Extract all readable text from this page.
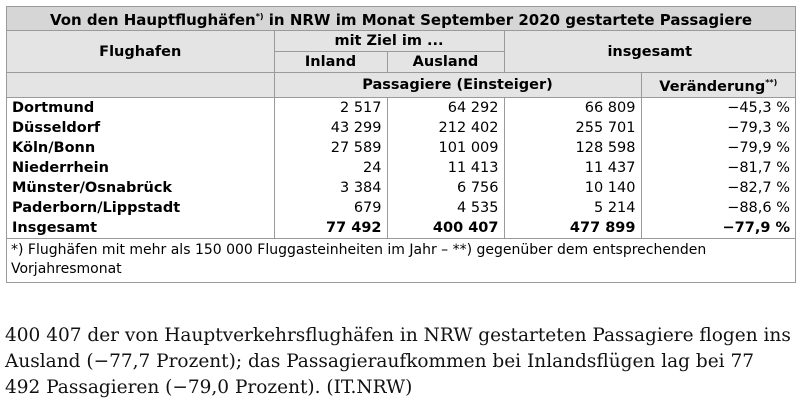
Von den Hauptflughäfen*) in NRW im Monat September 2020 gestartete Passagiere				
Flughafen	mit Ziel im ...		insgesamt	
	Inland	Ausland		
	Passagiere (Einsteiger)			Veränderung**)
Dortmund	2 517	64 292	66 809	−45,3 %
Düsseldorf	43 299	212 402	255 701	−79,3 %
Köln/Bonn	27 589	101 009	128 598	−79,9 %
Niederrhein	24	11 413	11 437	−81,7 %
Münster/Osnabrück	3 384	6 756	10 140	−82,7 %
Paderborn/Lippstadt	679	4 535	5 214	−88,6 %
Insgesamt	77 492	400 407	477 899	−77,9 %
*) Flughäfen mit mehr als 150 000 Fluggasteinheiten im Jahr – **) gegenüber dem entsprechenden Vorjahresmonat
400 407 der von Hauptverkehrsflughäfen in NRW gestarteten Passagiere flogen ins Ausland (−77,7 Prozent); das Passagieraufkommen bei Inlandsflügen lag bei 77 492 Passagieren (−79,0 Prozent). (IT.NRW)
